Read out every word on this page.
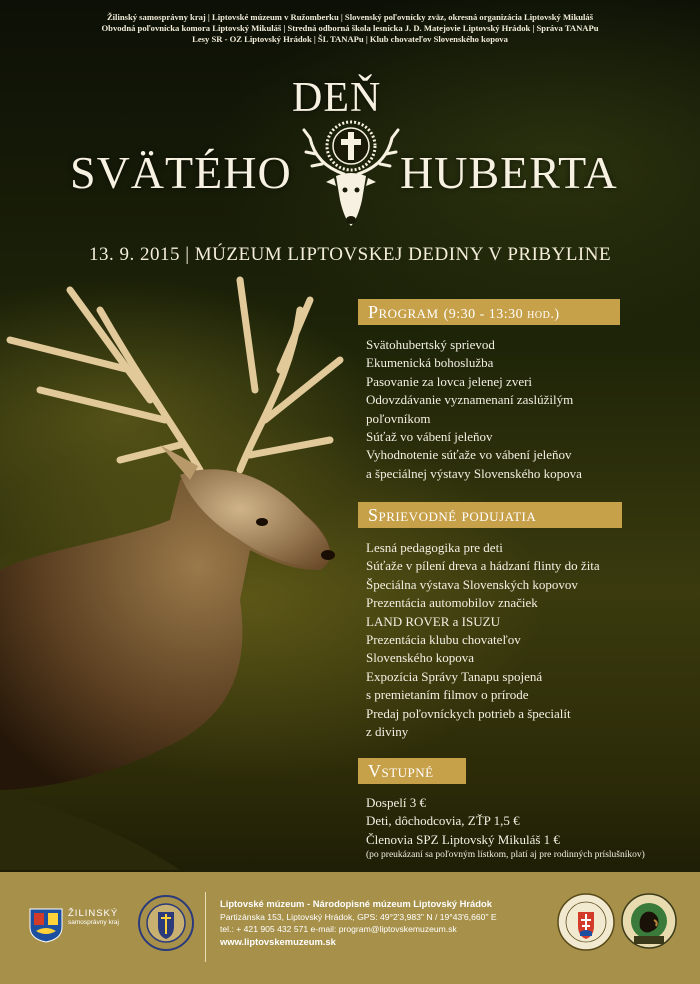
Žilinský samosprávny kraj | Liptovské múzeum v Ružomberku | Slovenský poľovnícky zväz, okresná organizácia Liptovský Mikuláš
Obvodná poľovnícka komora Liptovský Mikuláš | Stredná odborná škola lesnícka J. D. Matejovie Liptovský Hrádok | Správa TANAPu
Lesy SR - OZ Liptovský Hrádok | ŠL TANAPu | Klub chovateľov Slovenského kopova
DEŇ
SVÄTÉHO HUBERTA
13. 9. 2015 | MÚZEUM LIPTOVSKEJ DEDINY V PRIBYLINE
Program (9:30 - 13:30 hod.)
Svätohubertský sprievod
Ekumenická bohoslužba
Pasovanie za lovca jelenej zveri
Odovzdávanie vyznamenaní zaslúžilým
poľovníkom
Súťaž vo vábení jeleňov
Vyhodnotenie súťaže vo vábení jeleňov
a špeciálnej výstavy Slovenského kopova
Sprievodné podujatia
Lesná pedagogika pre deti
Súťaže v pílení dreva a hádzaní flinty do žita
Špeciálna výstava Slovenských kopovov
Prezentácia automobilov značiek
LAND ROVER a ISUZU
Prezentácia klubu chovateľov
Slovenského kopova
Expozícia Správy Tanapu spojená
s premietaním filmov o prírode
Predaj poľovníckych potrieb a špecialít
z diviny
Vstupné
Dospelí 3 €
Deti, dôchodcovia, ZŤP 1,5 €
Členovia SPZ Liptovský Mikuláš 1 €
(po preukázaní sa poľovným lístkom, platí aj pre rodinných príslušníkov)
ŽILINSKÝ
samosprávny kraj
Liptovské múzeum - Národopisné múzeum Liptovský Hrádok
Partizánska 153, Liptovský Hrádok, GPS: 49°2'3,983" N / 19°43'6,660" E
tel.: + 421 905 432 571 e-mail: program@liptovskemuzeum.sk
www.liptovskemuzeum.sk
